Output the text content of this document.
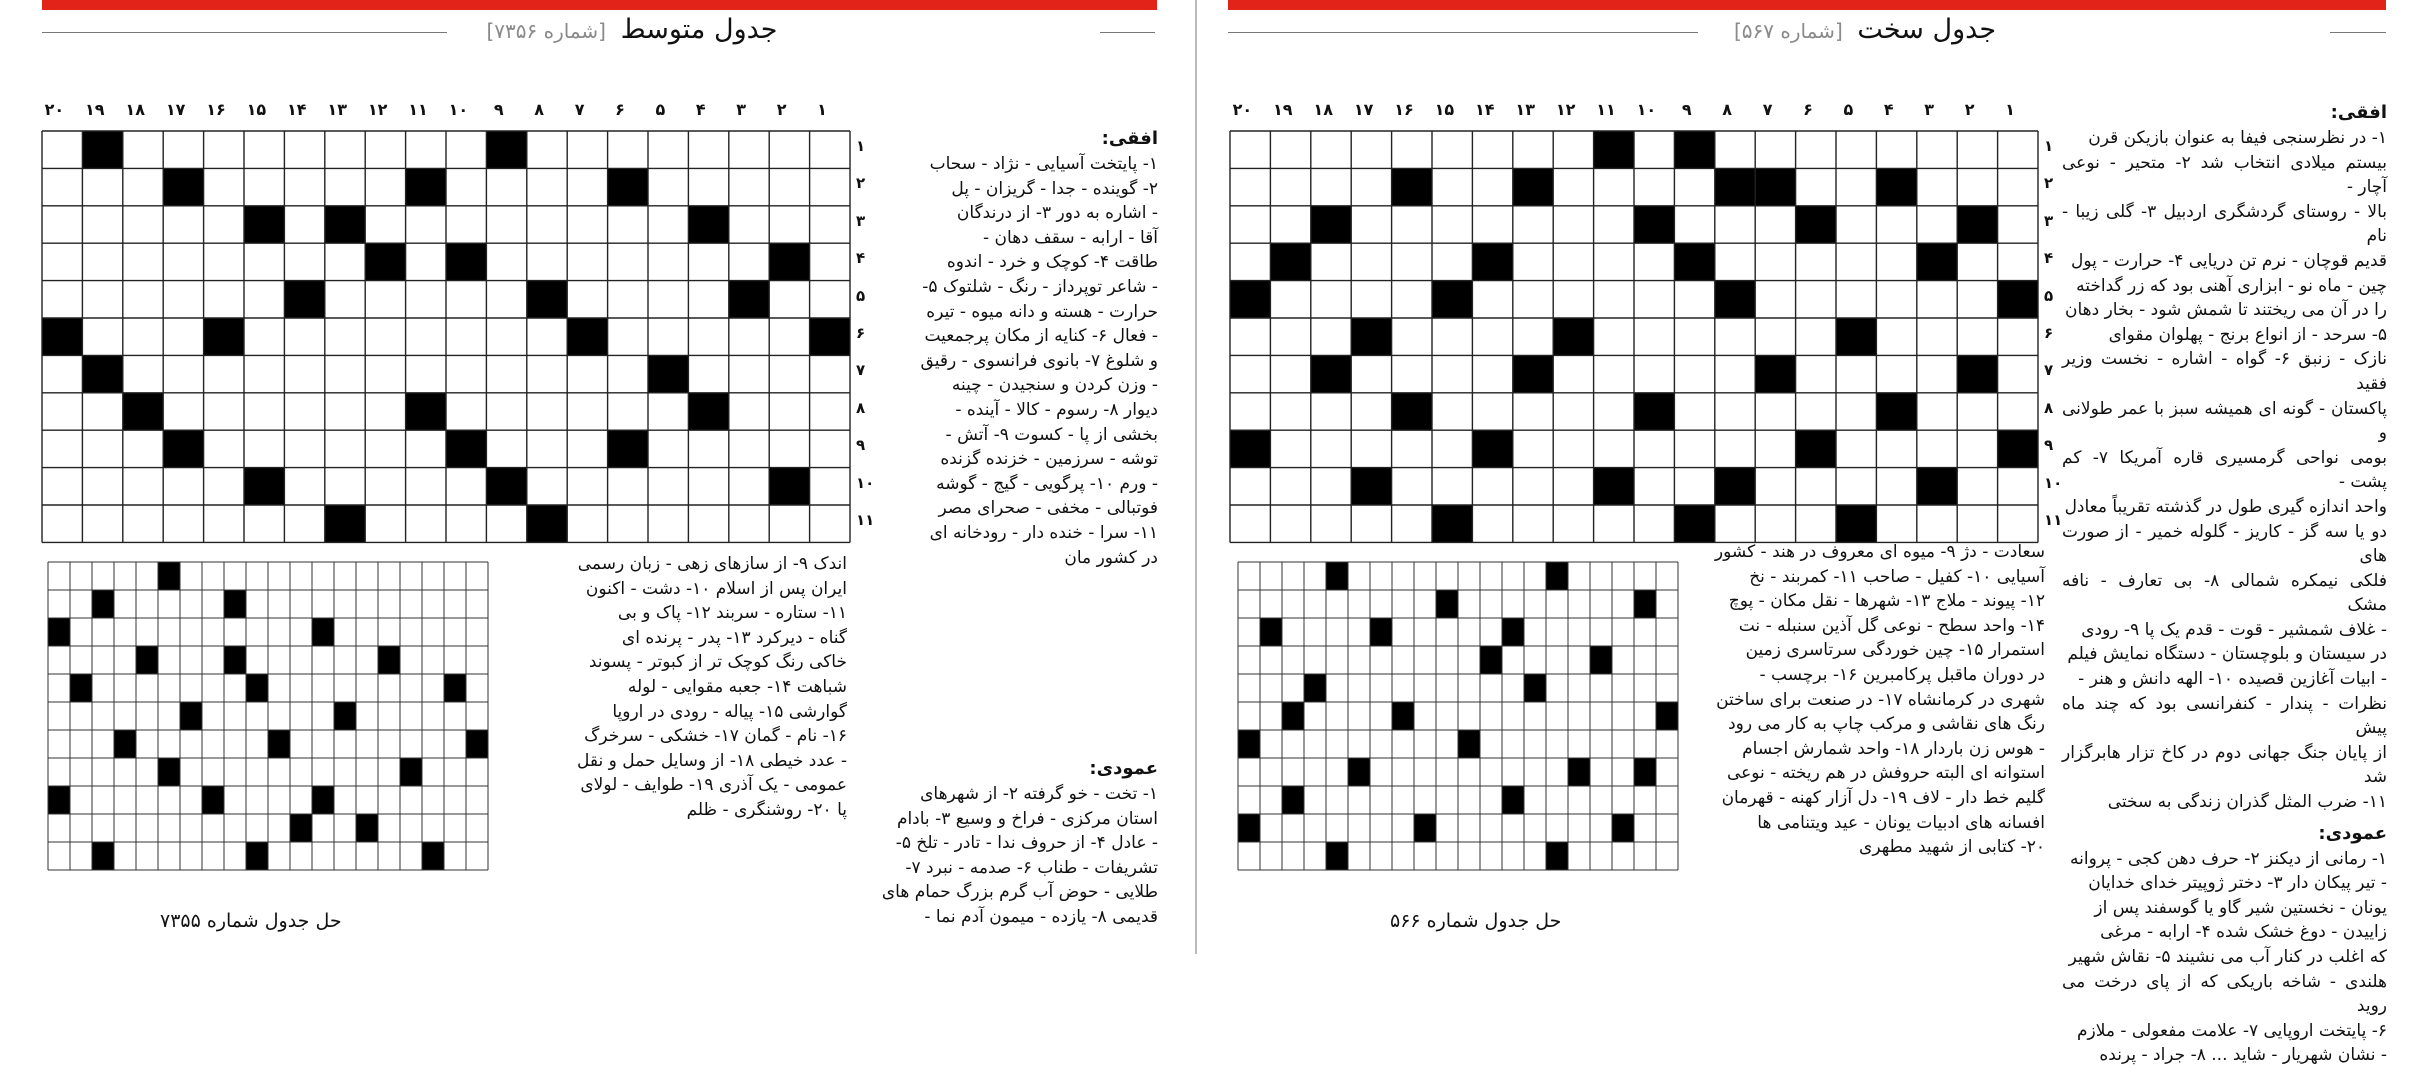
جدول متوسط [شماره ۷۳۵۶]
۱
۲
۳
۴
۵
۶
۷
۸
۹
۱۰
۱۱
۱۲
۱۳
۱۴
۱۵
۱۶
۱۷
۱۸
۱۹
۲۰
۱
۲
۳
۴
۵
۶
۷
۸
۹
۱۰
۱۱
افقی:

۱- پایتخت آسیایی - نژاد - سحاب

۲- گوینده - جدا - گریزان - پل

- اشاره به دور ۳- از درندگان

آقا - ارابه - سقف دهان -

طاقت ۴- کوچک و خرد - اندوه

- شاعر توپرداز - رنگ - شلتوک ۵-

حرارت - هسته و دانه میوه - تیره

- فعال ۶- کنایه از مکان پرجمعیت

و شلوغ ۷- بانوی فرانسوی - رقیق

- وزن کردن و سنجیدن - چینه

دیوار ۸- رسوم - کالا - آینده -

بخشی از پا - کسوت ۹- آتش -

توشه - سرزمین - خزنده گزنده

- ورم ۱۰- پرگویی - گیج - گوشه

فوتبالی - مخفی - صحرای مصر

۱۱- سرا - خنده دار - رودخانه ای

در کشور مان

اندک ۹- از سازهای زهی - زبان رسمی

ایران پس از اسلام ۱۰- دشت - اکنون

۱۱- ستاره - سربند ۱۲- پاک و بی

گناه - دیرکرد ۱۳- پدر - پرنده ای

خاکی رنگ کوچک تر از کبوتر - پسوند

شباهت ۱۴- جعبه مقوایی - لوله

گوارشی ۱۵- پیاله - رودی در اروپا

۱۶- نام - گمان ۱۷- خشکی - سرخرگ

- عدد خیطی ۱۸- از وسایل حمل و نقل

عمومی - یک آذری ۱۹- طوایف - لولای

پا ۲۰- روشنگری - ظلم

عمودی:

۱- تخت - خو گرفته ۲- از شهرهای

استان مرکزی - فراخ و وسیع ۳- بادام

- عادل ۴- از حروف ندا - تادر - تلخ ۵-

تشریفات - طناب ۶- صدمه - نبرد ۷-

طلایی - حوض آب گرم بزرگ حمام های

قدیمی ۸- یازده - میمون آدم نما -

حل جدول شماره ۷۳۵۵
جدول سخت [شماره ۵۶۷]
۱
۲
۳
۴
۵
۶
۷
۸
۹
۱۰
۱۱
۱۲
۱۳
۱۴
۱۵
۱۶
۱۷
۱۸
۱۹
۲۰
۱
۲
۳
۴
۵
۶
۷
۸
۹
۱۰
۱۱
افقی:

۱- در نظرسنجی فیفا به عنوان بازیکن قرن

بیستم میلادی انتخاب شد ۲- متحیر - نوعی آچار -

بالا - روستای گردشگری اردبیل ۳- گلی زیبا - نام

قدیم قوچان - نرم تن دریایی ۴- حرارت - پول

چین - ماه نو - ابزاری آهنی بود که زر گداخته

را در آن می ریختند تا شمش شود - بخار دهان

۵- سرحد - از انواع برنج - پهلوان مقوای

نازک - زنبق ۶- گواه - اشاره - نخست وزیر فقید

پاکستان - گونه ای همیشه سبز با عمر طولانی و

بومی نواحی گرمسیری قاره آمریکا ۷- کم پشت -

واحد اندازه گیری طول در گذشته تقریباً معادل

دو یا سه گز - کاریز - گلوله خمیر - از صورت های

فلکی نیمکره شمالی ۸- بی تعارف - نافه مشک

- غلاف شمشیر - قوت - قدم یک پا ۹- رودی

در سیستان و بلوچستان - دستگاه نمایش فیلم

- ابیات آغازین قصیده ۱۰- الهه دانش و هنر -

نظرات - پندار - کنفرانسی بود که چند ماه پیش

از پایان جنگ جهانی دوم در کاخ تزار هابرگزار شد

۱۱- ضرب المثل گذران زندگی به سختی

عمودی:

۱- رمانی از دیکنز ۲- حرف دهن کجی - پروانه

- تیر پیکان دار ۳- دختر ژوپیتر خدای خدایان

یونان - نخستین شیر گاو یا گوسفند پس از

زاییدن - دوغ خشک شده ۴- ارابه - مرغی

که اغلب در کنار آب می نشیند ۵- نقاش شهیر

هلندی - شاخه باریکی که از پای درخت می روید

۶- پایتخت اروپایی ۷- علامت مفعولی - ملازم

- نشان شهریار - شاید ... ۸- جراد - پرنده

سعادت - دژ ۹- میوه ای معروف در هند - کشور

آسیایی ۱۰- کفیل - صاحب ۱۱- کمربند - نخ

۱۲- پیوند - ملاج ۱۳- شهرها - نقل مکان - پوچ

۱۴- واحد سطح - نوعی گل آذین سنبله - نت

استمرار ۱۵- چین خوردگی سرتاسری زمین

در دوران ماقبل پرکامبرین ۱۶- برچسب -

شهری در کرمانشاه ۱۷- در صنعت برای ساختن

رنگ های نقاشی و مرکب چاپ به کار می رود

- هوس زن باردار ۱۸- واحد شمارش اجسام

استوانه ای البته حروفش در هم ریخته - نوعی

گلیم خط دار - لاف ۱۹- دل آزار کهنه - قهرمان

افسانه های ادبیات یونان - عید ویتنامی ها

۲۰- کتابی از شهید مطهری

حل جدول شماره ۵۶۶
